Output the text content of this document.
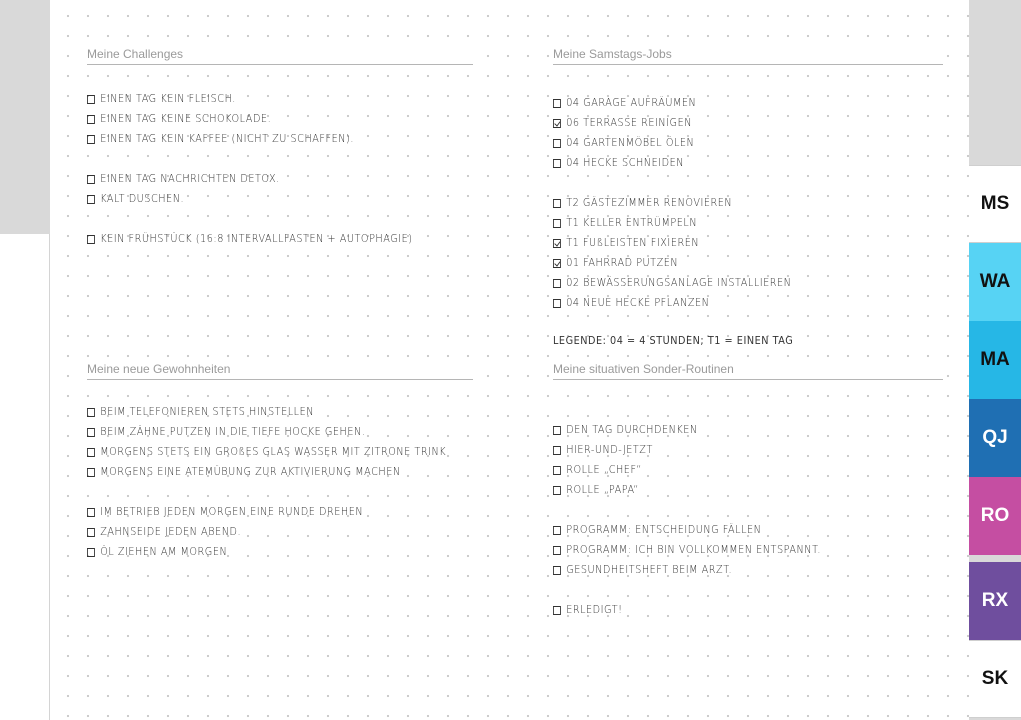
Meine Challenges
EINEN TAG KEIN FLEISCH.
EINEN TAG KEINE SCHOKOLADE.
EINEN TAG KEIN KAFFEE (NICHT ZU SCHAFFEN).
EINEN TAG NACHRICHTEN DETOX.
KALT DUSCHEN.
KEIN FRÜHSTÜCK (16:8 INTERVALLFASTEN + AUTOPHAGIE)
Meine Samstags-Jobs
04 GARAGE AUFRÄUMEN
06 TERRASSE REINIGEN
04 GARTENMÖBEL ÖLEN
04 HECKE SCHNEIDEN
T2 GÄSTEZIMMER RENOVIEREN
T1 KELLER ENTRÜMPELN
T1 FUßLEISTEN FIXIEREN
01 FAHRRAD PUTZEN
02 BEWÄSSERUNGSANLAGE INSTALLIEREN
04 NEUE HECKE PFLANZEN
LEGENDE: 04 = 4 STUNDEN; T1 = EINEN TAG
Meine neue Gewohnheiten
BEIM TELEFONIEREN STETS HINSTELLEN
BEIM ZÄHNE PUTZEN IN DIE TIEFE HOCKE GEHEN.
MORGENS STETS EIN GROßES GLAS WASSER MIT ZITRONE TRINK
MORGENS EINE ATEMÜBUNG ZUR AKTIVIERUNG MACHEN
IM BETRIEB JEDEN MORGEN EINE RUNDE DREHEN
ZAHNSEIDE JEDEN ABEND.
ÖL ZIEHEN AM MORGEN
Meine situativen Sonder-Routinen
DEN TAG DURCHDENKEN
HIER-UND-JETZT
ROLLE „CHEF“
ROLLE „PAPA“
PROGRAMM: ENTSCHEIDUNG FÄLLEN
PROGRAMM: ICH BIN VOLLKOMMEN ENTSPANNT.
GESUNDHEITSHEFT BEIM ARZT.
ERLEDIGT!
MS
WA
MA
QJ
RO
RX
SK
